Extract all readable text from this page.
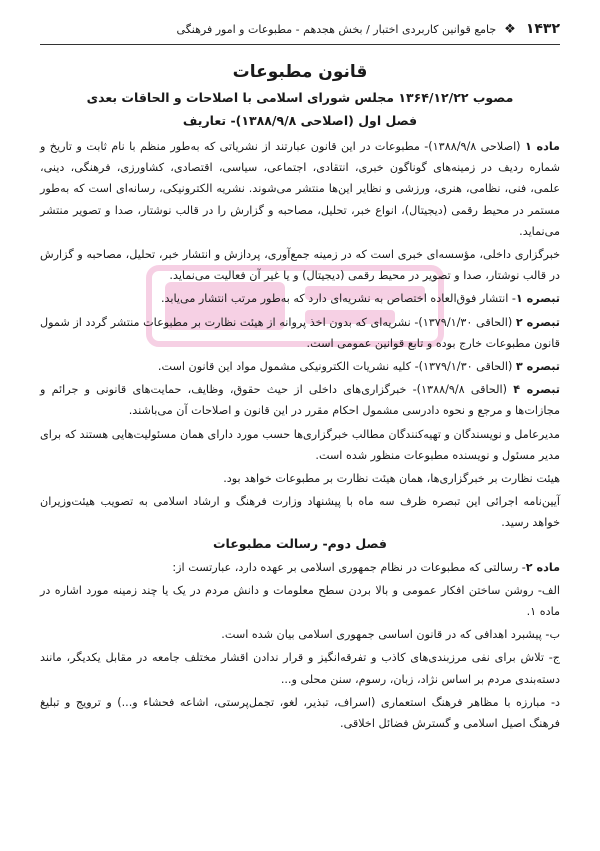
۱۴۳۲
❖
جامع قوانین کاربردی اختبار / بخش هجدهم - مطبوعات و امور فرهنگی
قانون مطبوعات

مصوب ۱۳۶۴/۱۲/۲۲ مجلس شورای اسلامی با اصلاحات و الحاقات بعدی

فصل اول (اصلاحی ۱۳۸۸/۹/۸)- تعاریف

ماده ۱ (اصلاحی ۱۳۸۸/۹/۸)- مطبوعات در این قانون عبارتند از نشریاتی که به‌طور منظم با نام ثابت و تاریخ و شماره ردیف در زمینه‌های گوناگون خبری، انتقادی، اجتماعی، سیاسی، اقتصادی، کشاورزی، فرهنگی، دینی، علمی، فنی، نظامی، هنری، ورزشی و نظایر این‌ها منتشر می‌شوند. نشریه الکترونیکی، رسانه‌ای است که به‌طور مستمر در محیط رقمی (دیجیتال)، انواع خبر، تحلیل، مصاحبه و گزارش را در قالب نوشتار، صدا و تصویر منتشر می‌نماید.

خبرگزاری داخلی، مؤسسه‌ای خبری است که در زمینه جمع‌آوری، پردازش و انتشار خبر، تحلیل، مصاحبه و گزارش در قالب نوشتار، صدا و تصویر در محیط رقمی (دیجیتال) و یا غیر آن فعالیت می‌نماید.

تبصره ۱- انتشار فوق‌العاده اختصاص به نشریه‌ای دارد که به‌طور مرتب انتشار می‌یابد.

تبصره ۲ (الحاقی ۱۳۷۹/۱/۳۰)- نشریه‌ای که بدون اخذ پروانه از هیئت نظارت بر مطبوعات منتشر گردد از شمول قانون مطبوعات خارج بوده و تابع قوانین عمومی است.

تبصره ۳ (الحاقی ۱۳۷۹/۱/۳۰)- کلیه نشریات الکترونیکی مشمول مواد این قانون است.

تبصره ۴ (الحاقی ۱۳۸۸/۹/۸)- خبرگزاری‌های داخلی از حیث حقوق، وظایف، حمایت‌های قانونی و جرائم و مجازات‌ها و مرجع و نحوه دادرسی مشمول احکام مقرر در این قانون و اصلاحات آن می‌باشند.

مدیرعامل و نویسندگان و تهیه‌کنندگان مطالب خبرگزاری‌ها حسب مورد دارای همان مسئولیت‌هایی هستند که برای مدیر مسئول و نویسنده مطبوعات منظور شده است.

هیئت نظارت بر خبرگزاری‌ها، همان هیئت نظارت بر مطبوعات خواهد بود.

آیین‌نامه اجرائی این تبصره ظرف سه ماه با پیشنهاد وزارت فرهنگ و ارشاد اسلامی به تصویب هیئت‌وزیران خواهد رسید.

فصل دوم- رسالت مطبوعات

ماده ۲- رسالتی که مطبوعات در نظام جمهوری اسلامی بر عهده دارد، عبارتست از:

الف- روشن ساختن افکار عمومی و بالا بردن سطح معلومات و دانش مردم در یک یا چند زمینه مورد اشاره در ماده ۱.

ب- پیشبرد اهدافی که در قانون اساسی جمهوری اسلامی بیان شده است.

ج- تلاش برای نفی مرزبندی‌های کاذب و تفرقه‌انگیز و قرار ندادن اقشار مختلف جامعه در مقابل یکدیگر، مانند دسته‌بندی مردم بر اساس نژاد، زبان، رسوم، سنن محلی و...

د- مبارزه با مظاهر فرهنگ استعماری (اسراف، تبذیر، لغو، تجمل‌پرستی، اشاعه فحشاء و...) و ترویج و تبلیغ فرهنگ اصیل اسلامی و گسترش فضائل اخلاقی.
